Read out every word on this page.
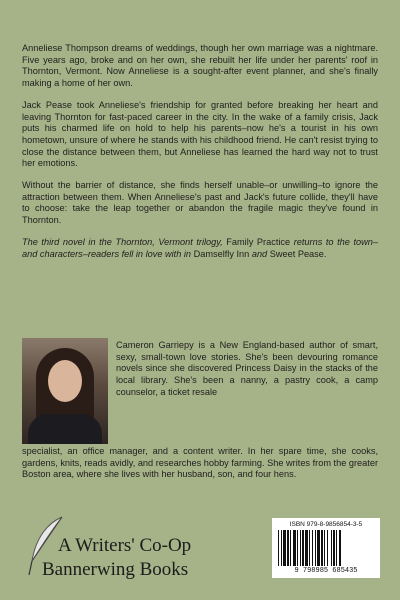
Anneliese Thompson dreams of weddings, though her own marriage was a nightmare. Five years ago, broke and on her own, she rebuilt her life under her parents' roof in Thornton, Vermont. Now Anneliese is a sought-after event planner, and she's finally making a home of her own.

Jack Pease took Anneliese's friendship for granted before breaking her heart and leaving Thornton for fast-paced career in the city. In the wake of a family crisis, Jack puts his charmed life on hold to help his parents–now he's a tourist in his own hometown, unsure of where he stands with his childhood friend. He can't resist trying to close the distance between them, but Anneliese has learned the hard way not to trust her emotions.

Without the barrier of distance, she finds herself unable–or unwilling–to ignore the attraction between them. When Anneliese's past and Jack's future collide, they'll have to choose: take the leap together or abandon the fragile magic they've found in Thornton.

The third novel in the Thornton, Vermont trilogy, Family Practice returns to the town–and characters–readers fell in love with in Damselfly Inn and Sweet Pease.

Cameron Garriepy is a New England-based author of smart, sexy, small-town love stories. She's been devouring romance novels since she discovered Princess Daisy in the stacks of the local library. She's been a nanny, a pastry cook, a camp counselor, a ticket resale
specialist, an office manager, and a content writer. In her spare time, she cooks, gardens, knits, reads avidly, and researches hobby farming. She writes from the greater Boston area, where she lives with her husband, son, and four hens.
A Writers' Co-Op
Bannerwing Books
ISBN 979-8-9856854-3-5
9 798985 685435
